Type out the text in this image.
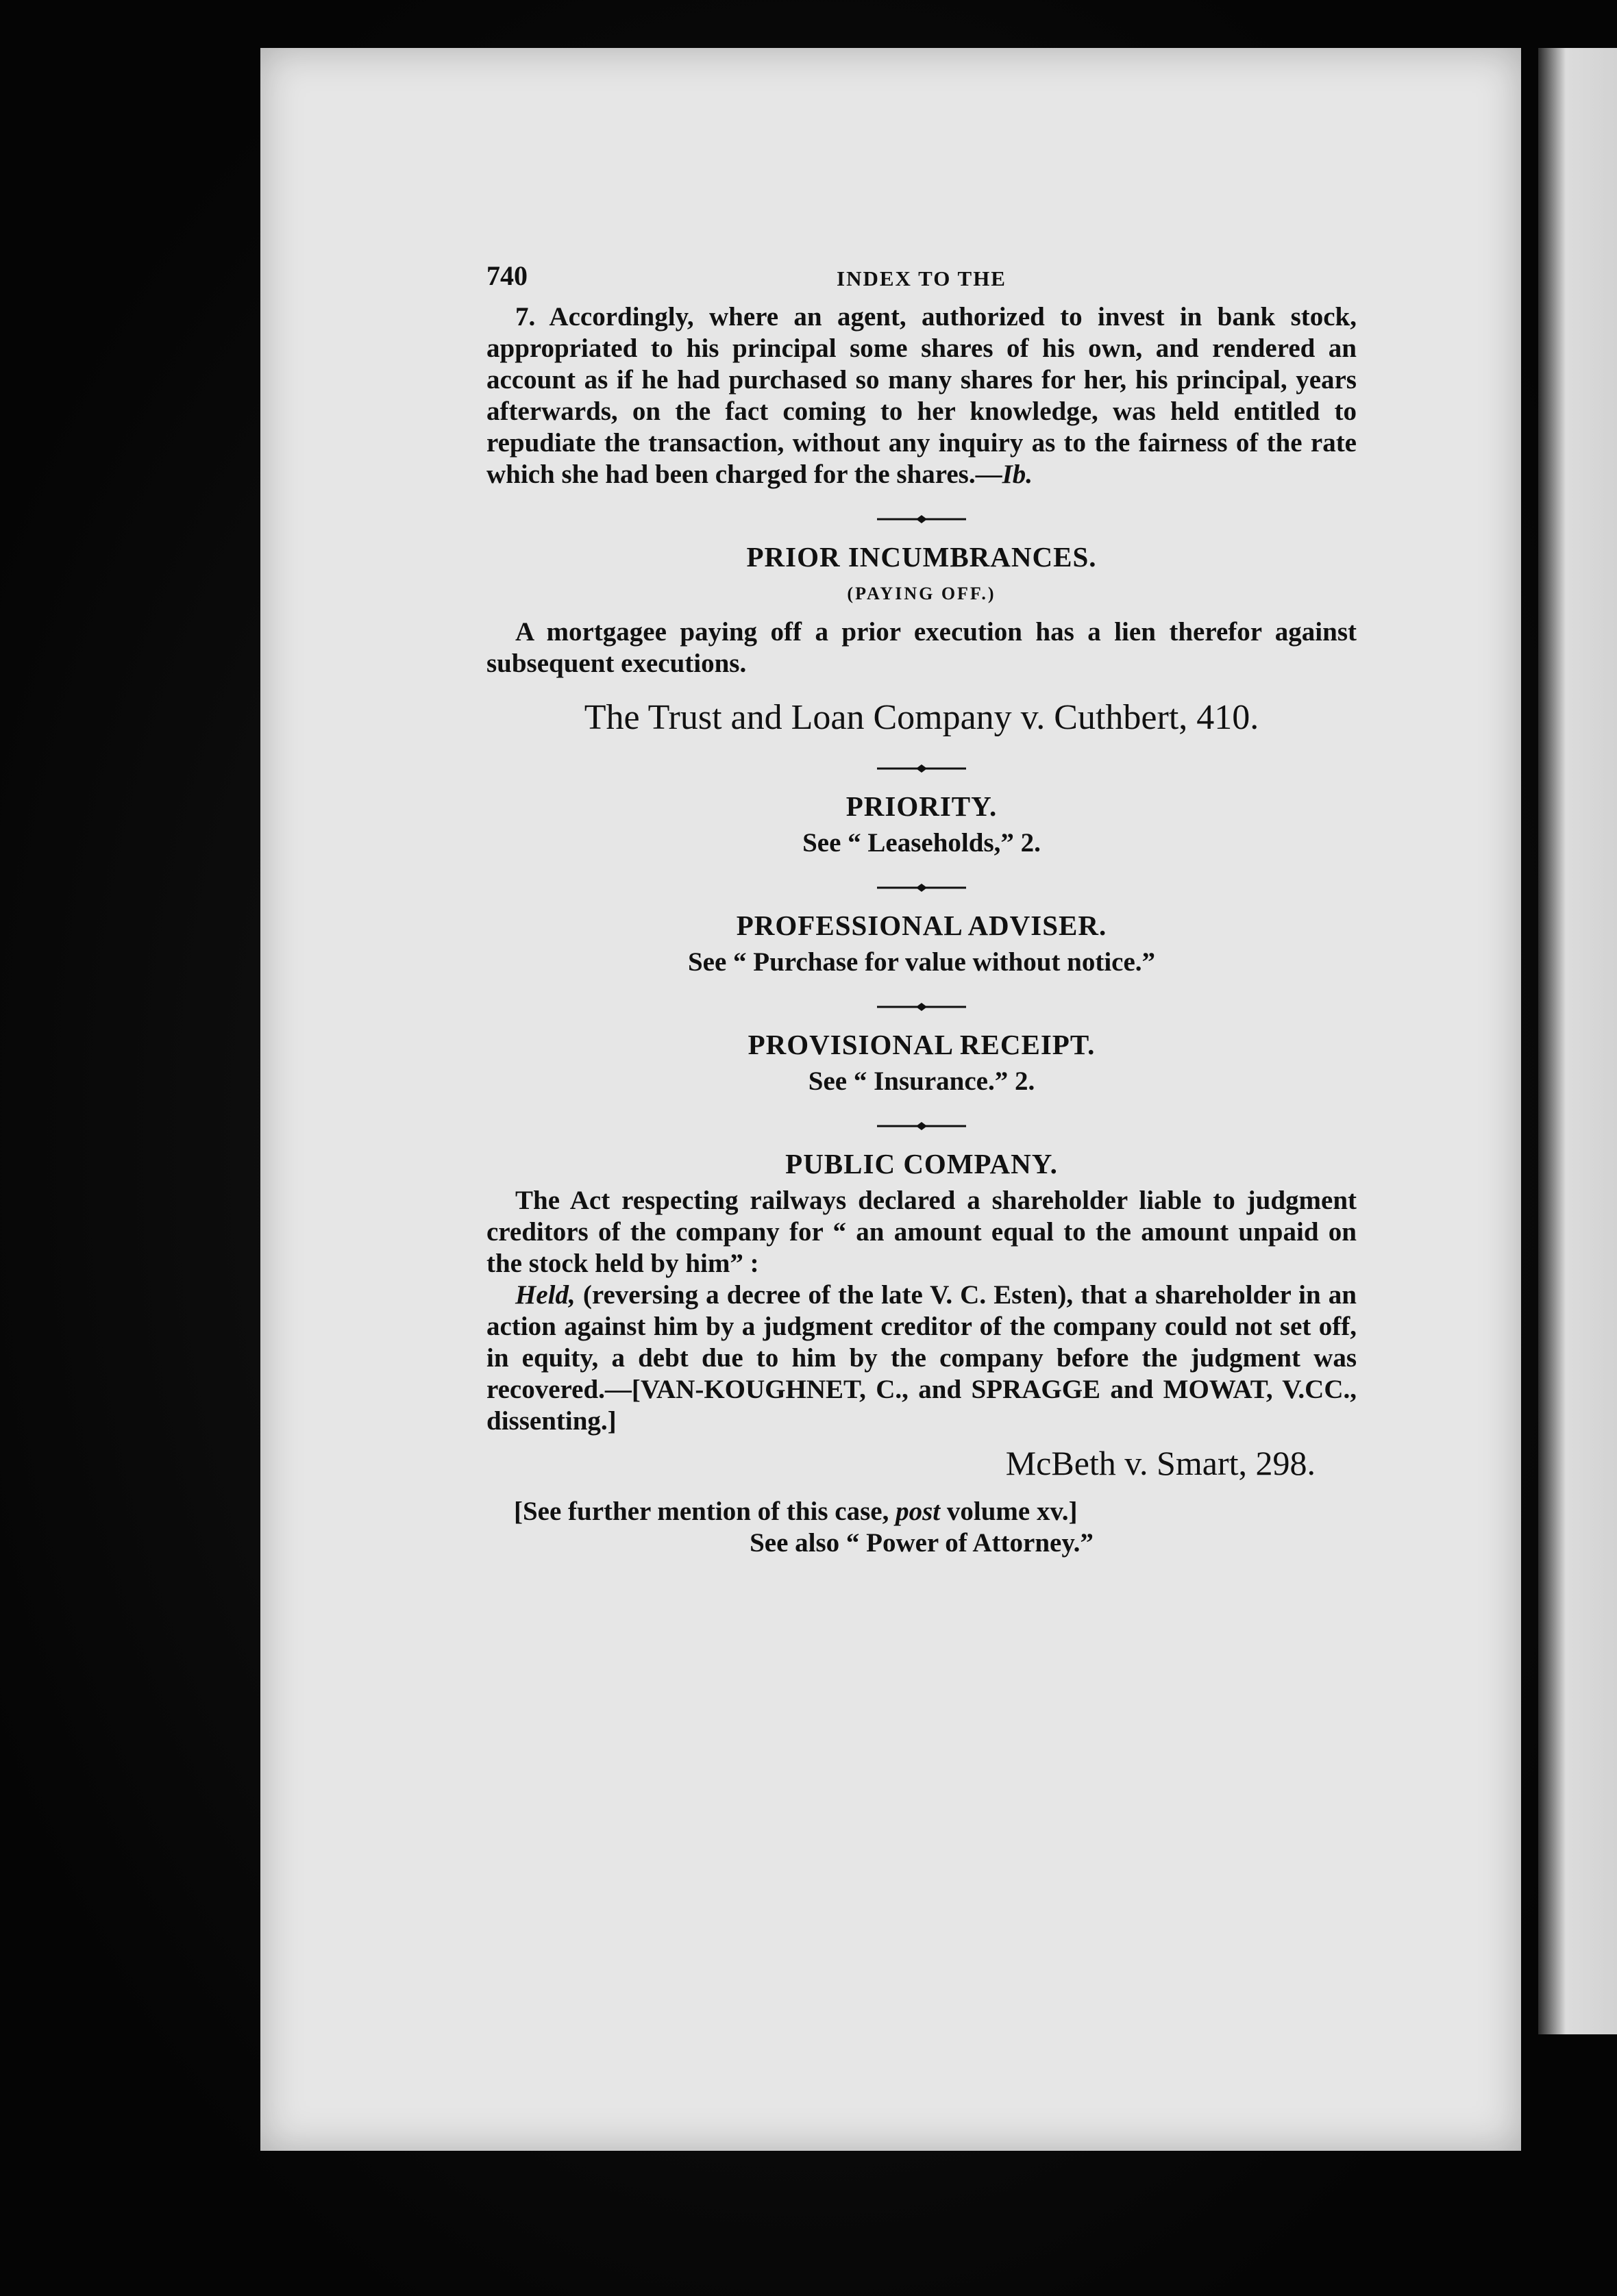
740	INDEX TO THE

7. Accordingly, where an agent, authorized to invest in bank stock, appropriated to his principal some shares of his own, and rendered an account as if he had purchased so many shares for her, his principal, years afterwards, on the fact coming to her knowledge, was held entitled to repudiate the transaction, without any inquiry as to the fairness of the rate which she had been charged for the shares.—Ib.

PRIOR INCUMBRANCES.
(PAYING OFF.)

A mortgagee paying off a prior execution has a lien therefor against subsequent executions.

The Trust and Loan Company v. Cuthbert, 410.
PRIORITY.
See “ Leaseholds,” 2.
PROFESSIONAL ADVISER.
See “ Purchase for value without notice.”
PROVISIONAL RECEIPT.
See “ Insurance.” 2.
PUBLIC COMPANY.

The Act respecting railways declared a shareholder liable to judgment creditors of the company for “ an amount equal to the amount unpaid on the stock held by him” :

Held, (reversing a decree of the late V. C. Esten), that a shareholder in an action against him by a judgment creditor of the company could not set off, in equity, a debt due to him by the company before the judgment was recovered.—[VAN-KOUGHNET, C., and SPRAGGE and MOWAT, V.CC., dissenting.]

McBeth v. Smart, 298.
[See further mention of this case, post volume xv.]
See also “ Power of Attorney.”
